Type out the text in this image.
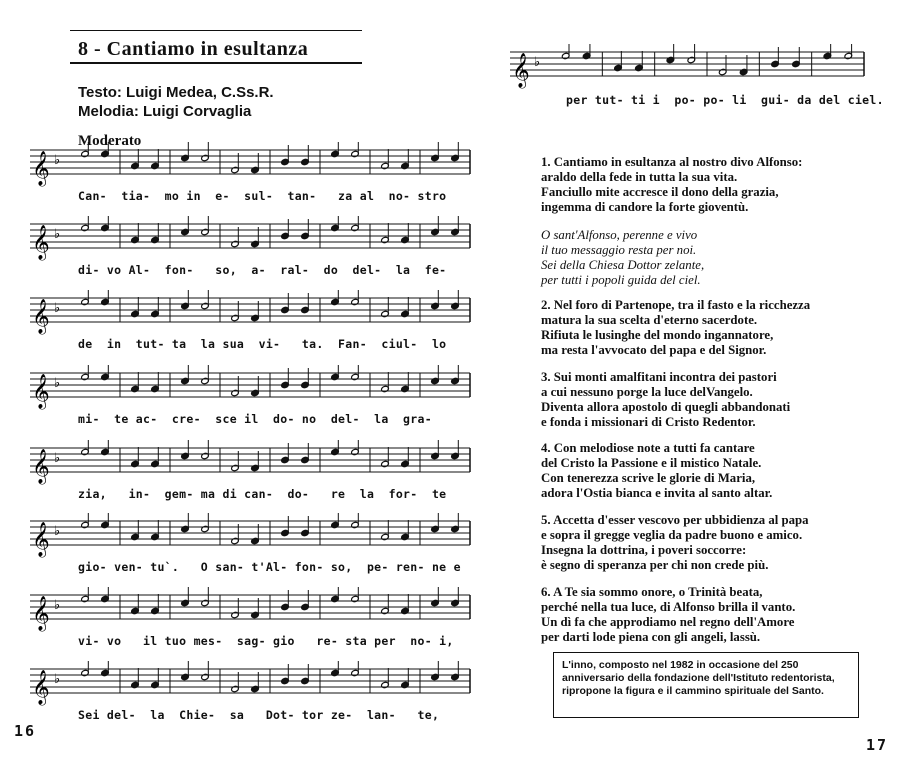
8 - Cantiamo in esultanza
Testo: Luigi Medea, C.Ss.R.
Melodia: Luigi Corvaglia
Moderato
𝄞 ♭
𝄞 ♭
𝄞 ♭
𝄞 ♭
𝄞 ♭
𝄞 ♭
𝄞 ♭
𝄞 ♭
Can-  tia-  mo in  e-  sul-  tan-   za al  no- stro
di- vo Al-  fon-   so,  a-  ral-  do  del-  la  fe-
de  in  tut- ta  la sua  vi-   ta.  Fan-  ciul-  lo
mi-  te ac-  cre-  sce il  do- no  del-  la  gra-
zia,   in-  gem- ma di can-  do-   re  la  for-  te
gio- ven- tu`.   O san- t'Al- fon- so,  pe- ren- ne e
vi- vo   il tuo mes-  sag- gio   re- sta per  no- i,
Sei del-  la  Chie-  sa   Dot- tor ze-  lan-   te,
16
𝄞 ♭
per tut- ti i  po- po- li  gui- da del ciel.
1. Cantiamo in esultanza al nostro divo Alfonso:
araldo della fede in tutta la sua vita.
Fanciullo mite accresce il dono della grazia,
ingemma di candore la forte gioventù.
O sant'Alfonso, perenne e vivo
il tuo messaggio resta per noi.
Sei della Chiesa Dottor zelante,
per tutti i popoli guida del ciel.
2. Nel foro di Partenope, tra il fasto e la ricchezza
matura la sua scelta d'eterno sacerdote.
Rifiuta le lusinghe del mondo ingannatore,
ma resta l'avvocato del papa e del Signor.
3. Sui monti amalfitani incontra dei pastori
a cui nessuno porge la luce delVangelo.
Diventa allora apostolo di quegli abbandonati
e fonda i missionari di Cristo Redentor.
4. Con melodiose note a tutti fa cantare
del Cristo la Passione e il mistico Natale.
Con tenerezza scrive le glorie di Maria,
adora l'Ostia bianca e invita al santo altar.
5. Accetta d'esser vescovo per ubbidienza al papa
e sopra il gregge veglia da padre buono e amico.
Insegna la dottrina, i poveri soccorre:
è segno di speranza per chi non crede più.
6. A Te sia sommo onore, o Trinità beata,
perché nella tua luce, di Alfonso brilla il vanto.
Un dì fa che approdiamo nel regno dell'Amore
per darti lode piena con gli angeli, lassù.
L'inno, composto nel 1982 in occasione del 250 anniversario della fondazione dell'Istituto redentorista, ripropone la figura e il cammino spirituale del Santo.
17
